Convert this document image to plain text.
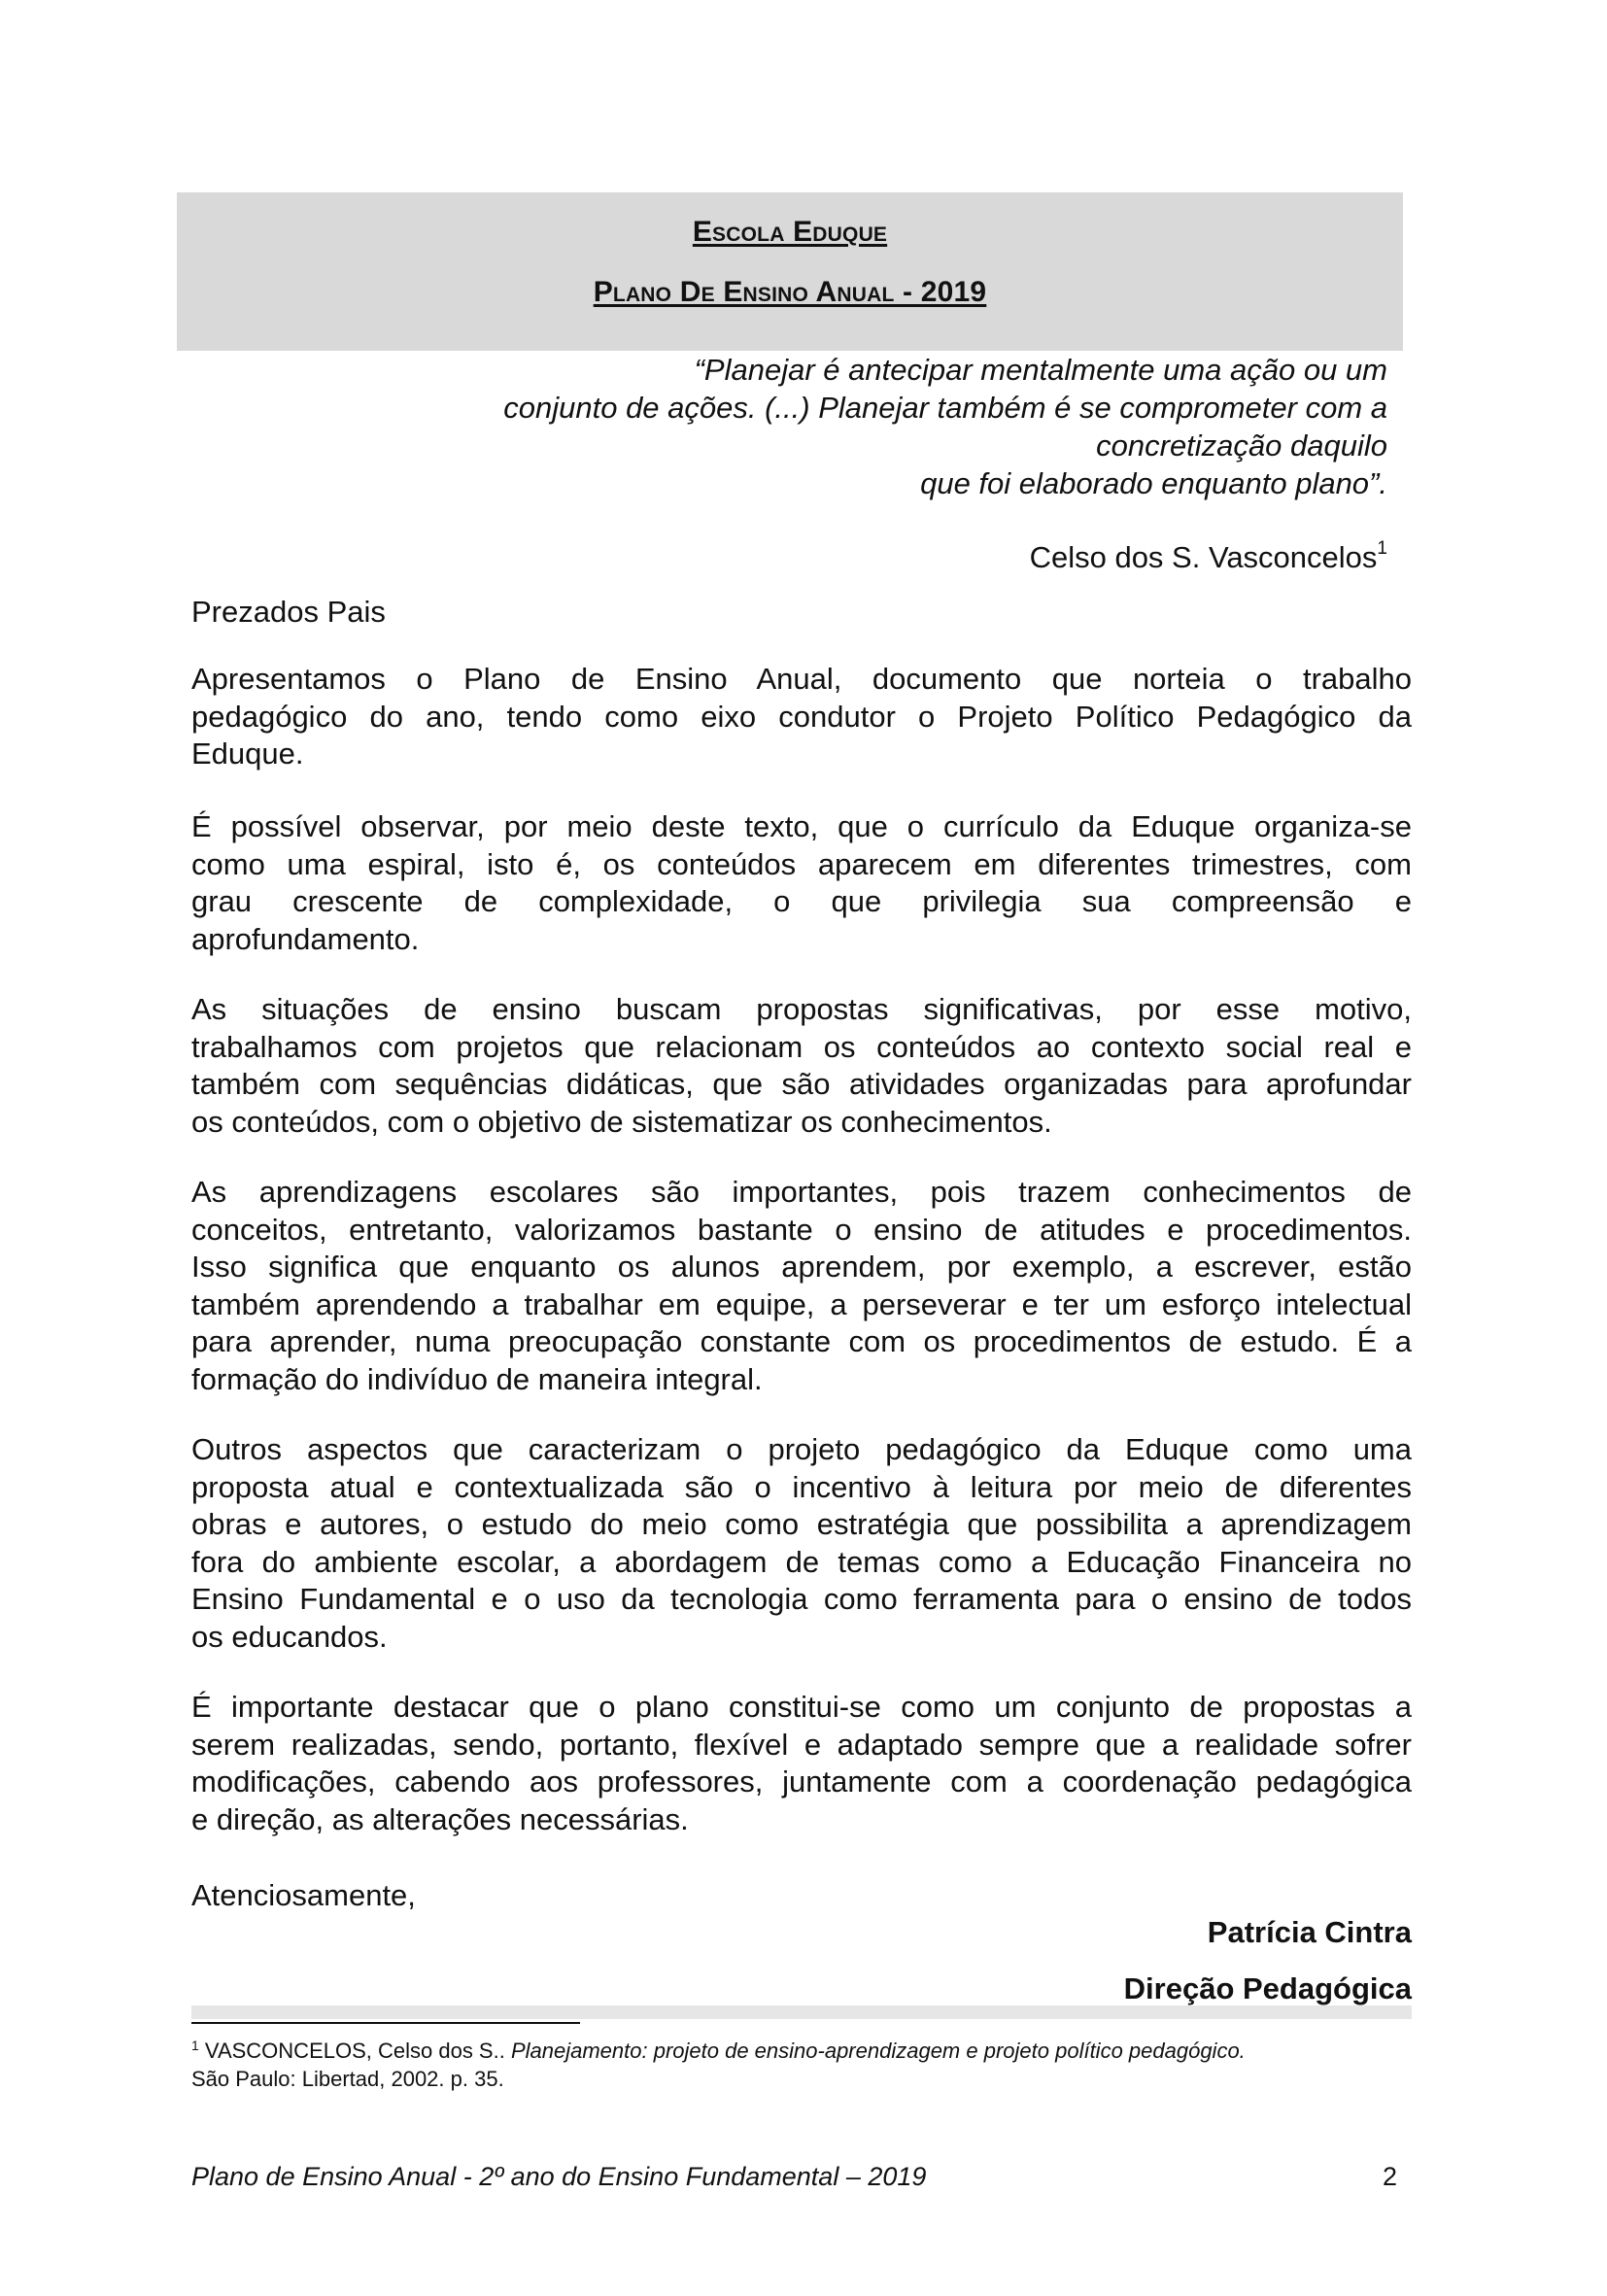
Escola Eduque
Plano De Ensino Anual - 2019
“Planejar é antecipar mentalmente uma ação ou um
conjunto de ações. (...) Planejar também é se comprometer com a
concretização daquilo
que foi elaborado enquanto plano”.
Celso dos S. Vasconcelos$^1$
Prezados Pais
Apresentamos o Plano de Ensino Anual, documento que norteia o trabalho
pedagógico do ano, tendo como eixo condutor o Projeto Político Pedagógico da
Eduque.
É possível observar, por meio deste texto, que o currículo da Eduque organiza-se
como uma espiral, isto é, os conteúdos aparecem em diferentes trimestres, com
grau crescente de complexidade, o que privilegia sua compreensão e
aprofundamento.
As situações de ensino buscam propostas significativas, por esse motivo,
trabalhamos com projetos que relacionam os conteúdos ao contexto social real e
também com sequências didáticas, que são atividades organizadas para aprofundar
os conteúdos, com o objetivo de sistematizar os conhecimentos.
As aprendizagens escolares são importantes, pois trazem conhecimentos de
conceitos, entretanto, valorizamos bastante o ensino de atitudes e procedimentos.
Isso significa que enquanto os alunos aprendem, por exemplo, a escrever, estão
também aprendendo a trabalhar em equipe, a perseverar e ter um esforço intelectual
para aprender, numa preocupação constante com os procedimentos de estudo. É a
formação do indivíduo de maneira integral.
Outros aspectos que caracterizam o projeto pedagógico da Eduque como uma
proposta atual e contextualizada são o incentivo à leitura por meio de diferentes
obras e autores, o estudo do meio como estratégia que possibilita a aprendizagem
fora do ambiente escolar, a abordagem de temas como a Educação Financeira no
Ensino Fundamental e o uso da tecnologia como ferramenta para o ensino de todos
os educandos.
É importante destacar que o plano constitui-se como um conjunto de propostas a
serem realizadas, sendo, portanto, flexível e adaptado sempre que a realidade sofrer
modificações, cabendo aos professores, juntamente com a coordenação pedagógica
e direção, as alterações necessárias.
Atenciosamente,
Patrícia Cintra
Direção Pedagógica
$^1$ VASCONCELOS, Celso dos S.. Planejamento: projeto de ensino-aprendizagem e projeto político pedagógico.
São Paulo: Libertad, 2002. p. 35.
Plano de Ensino Anual - 2º ano do Ensino Fundamental – 2019	2
